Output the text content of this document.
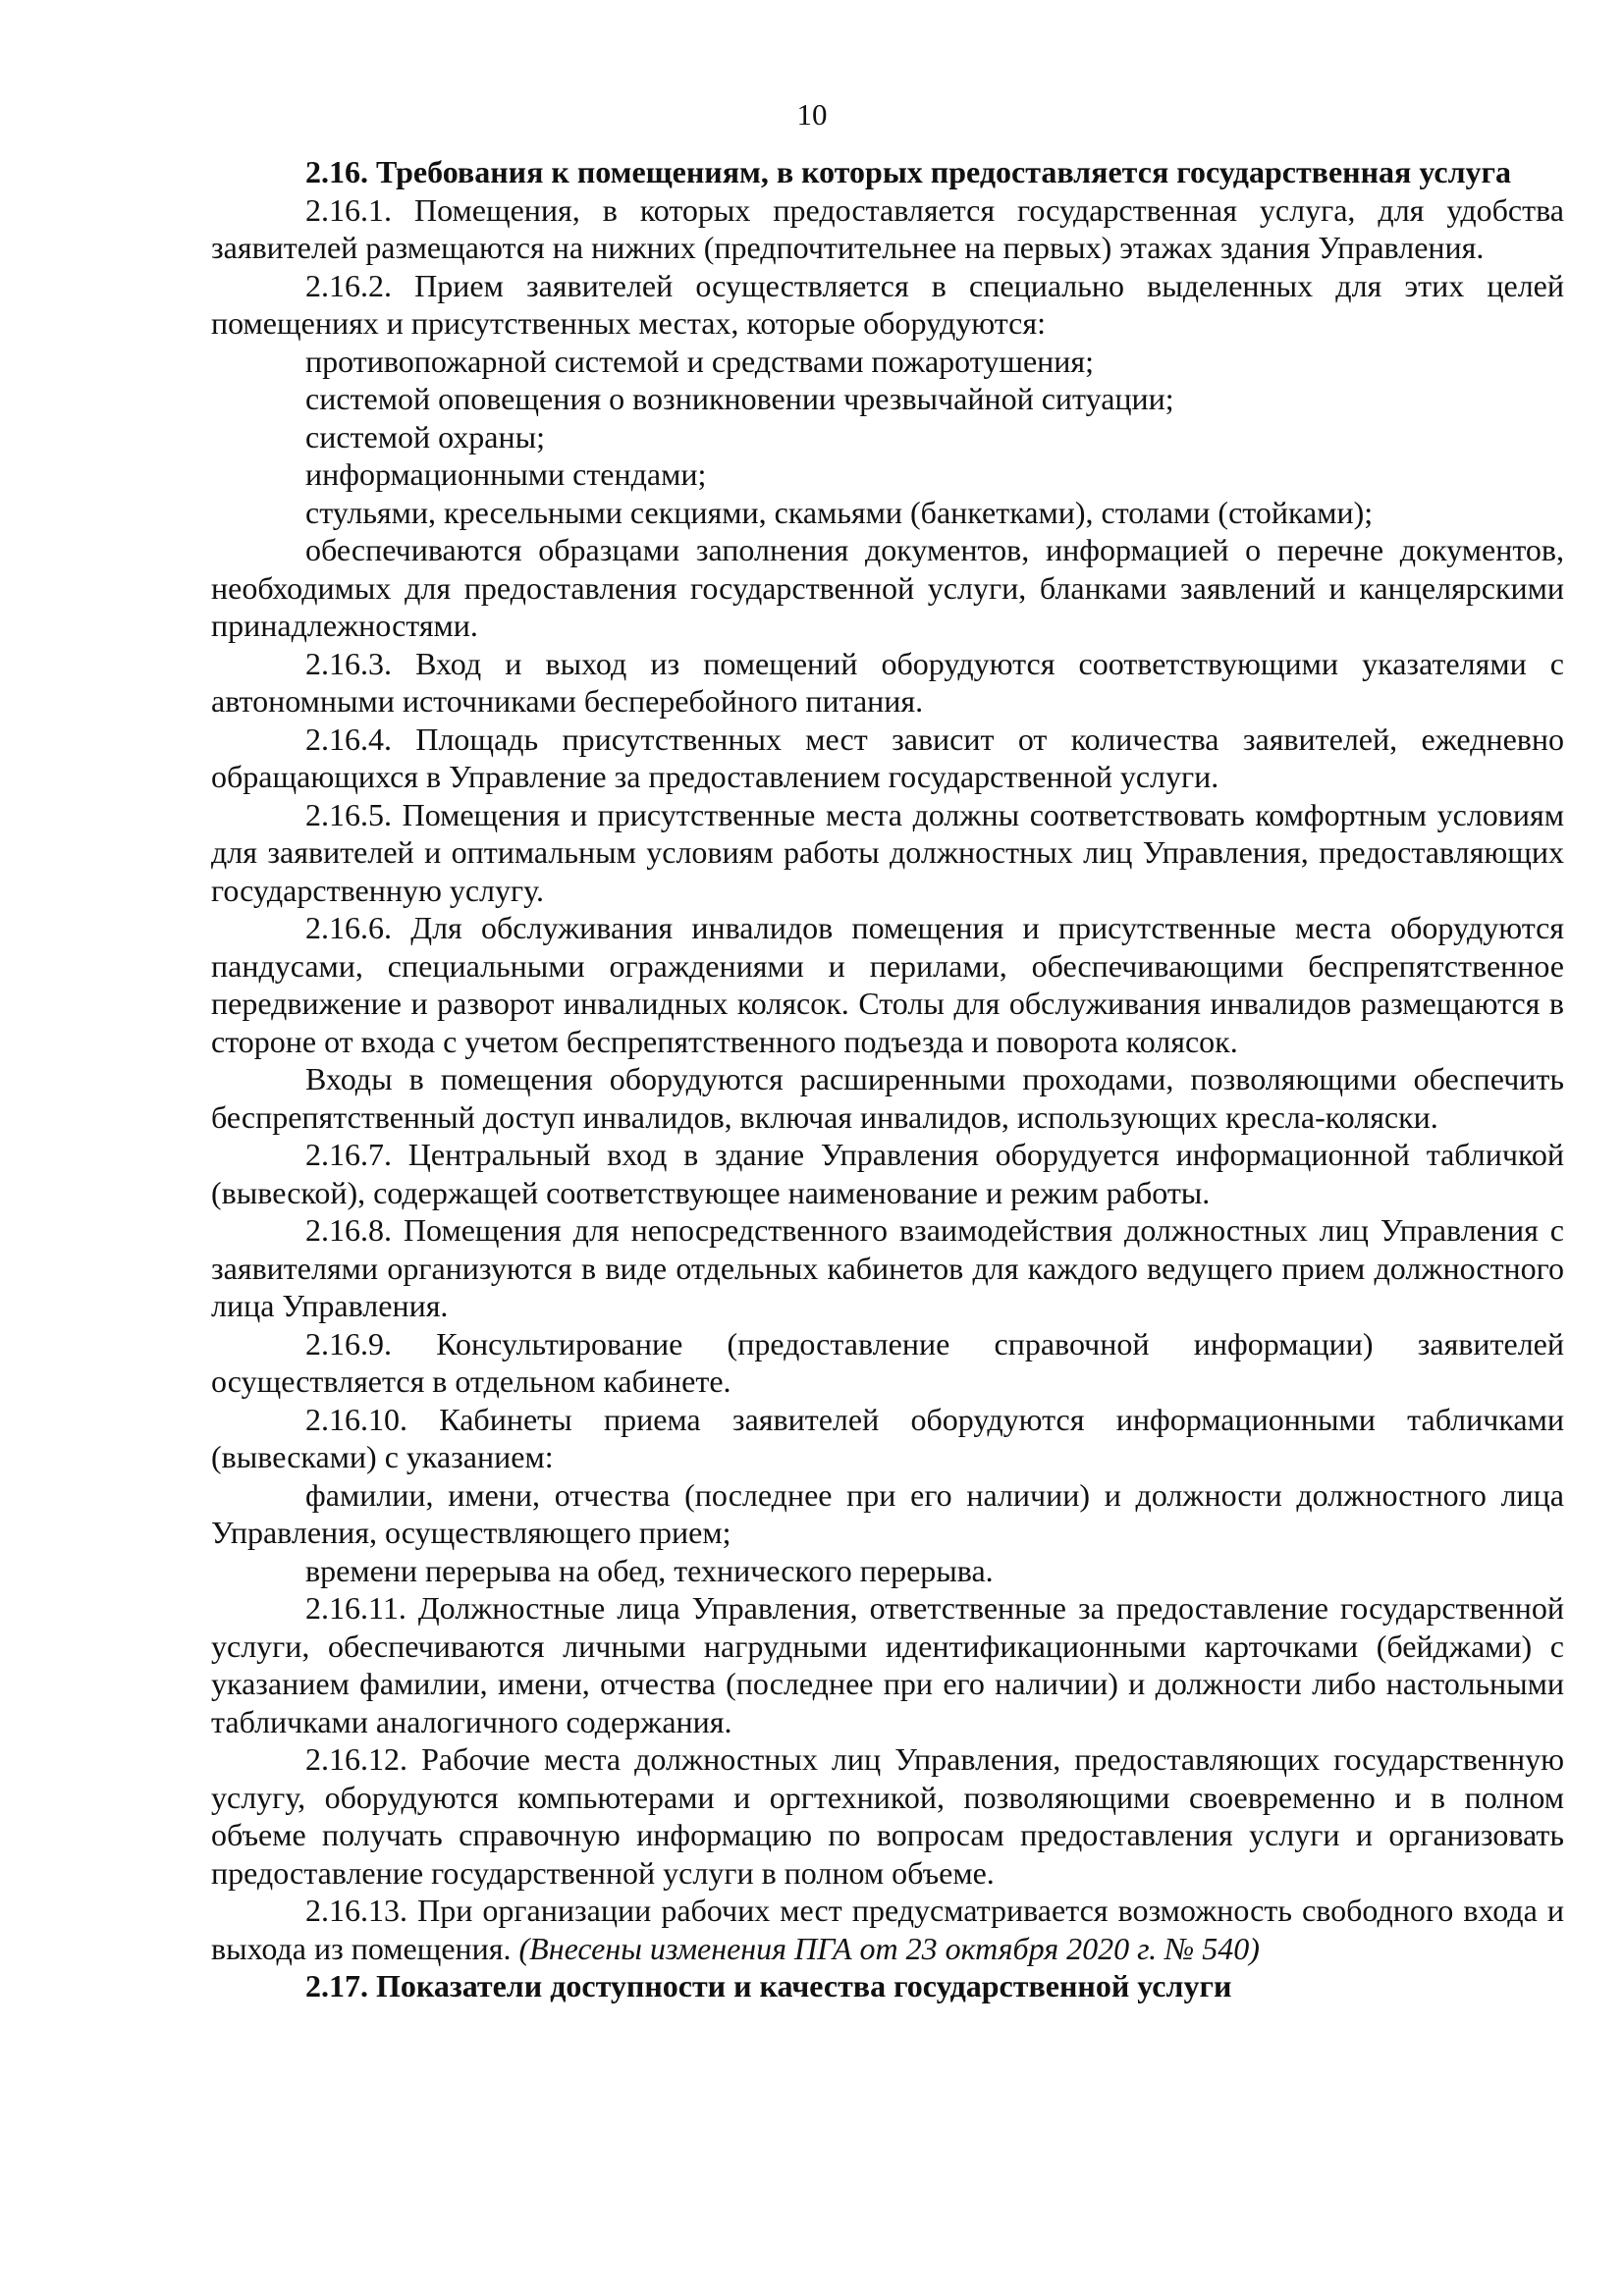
10

2.16. Требования к помещениям, в которых предоставляется государственная услуга

2.16.1. Помещения, в которых предоставляется государственная услуга, для удобства заявителей размещаются на нижних (предпочтительнее на первых) этажах здания Управления.

2.16.2. Прием заявителей осуществляется в специально выделенных для этих целей помещениях и присутственных местах, которые оборудуются:

противопожарной системой и средствами пожаротушения;

системой оповещения о возникновении чрезвычайной ситуации;

системой охраны;

информационными стендами;

стульями, кресельными секциями, скамьями (банкетками), столами (стойками);

обеспечиваются образцами заполнения документов, информацией о перечне документов, необходимых для предоставления государственной услуги, бланками заявлений и канцелярскими принадлежностями.

2.16.3. Вход и выход из помещений оборудуются соответствующими указателями с автономными источниками бесперебойного питания.

2.16.4. Площадь присутственных мест зависит от количества заявителей, ежедневно обращающихся в Управление за предоставлением государственной услуги.

2.16.5. Помещения и присутственные места должны соответствовать комфортным условиям для заявителей и оптимальным условиям работы должностных лиц Управления, предоставляющих государственную услугу.

2.16.6. Для обслуживания инвалидов помещения и присутственные места оборудуются пандусами, специальными ограждениями и перилами, обеспечивающими беспрепятственное передвижение и разворот инвалидных колясок. Столы для обслуживания инвалидов размещаются в стороне от входа с учетом беспрепятственного подъезда и поворота колясок.

Входы в помещения оборудуются расширенными проходами, позволяющими обеспечить беспрепятственный доступ инвалидов, включая инвалидов, использующих кресла-коляски.

2.16.7. Центральный вход в здание Управления оборудуется информационной табличкой (вывеской), содержащей соответствующее наименование и режим работы.

2.16.8. Помещения для непосредственного взаимодействия должностных лиц Управления с заявителями организуются в виде отдельных кабинетов для каждого ведущего прием должностного лица Управления.

2.16.9. Консультирование (предоставление справочной информации) заявителей осуществляется в отдельном кабинете.

2.16.10. Кабинеты приема заявителей оборудуются информационными табличками (вывесками) с указанием:

фамилии, имени, отчества (последнее при его наличии) и должности должностного лица Управления, осуществляющего прием;

времени перерыва на обед, технического перерыва.

2.16.11. Должностные лица Управления, ответственные за предоставление государственной услуги, обеспечиваются личными нагрудными идентификационными карточками (бейджами) с указанием фамилии, имени, отчества (последнее при его наличии) и должности либо настольными табличками аналогичного содержания.

2.16.12. Рабочие места должностных лиц Управления, предоставляющих государственную услугу, оборудуются компьютерами и оргтехникой, позволяющими своевременно и в полном объеме получать справочную информацию по вопросам предоставления услуги и организовать предоставление государственной услуги в полном объеме.

2.16.13. При организации рабочих мест предусматривается возможность свободного входа и выхода из помещения. (Внесены изменения ПГА от 23 октября 2020 г. № 540)

2.17. Показатели доступности и качества государственной услуги
